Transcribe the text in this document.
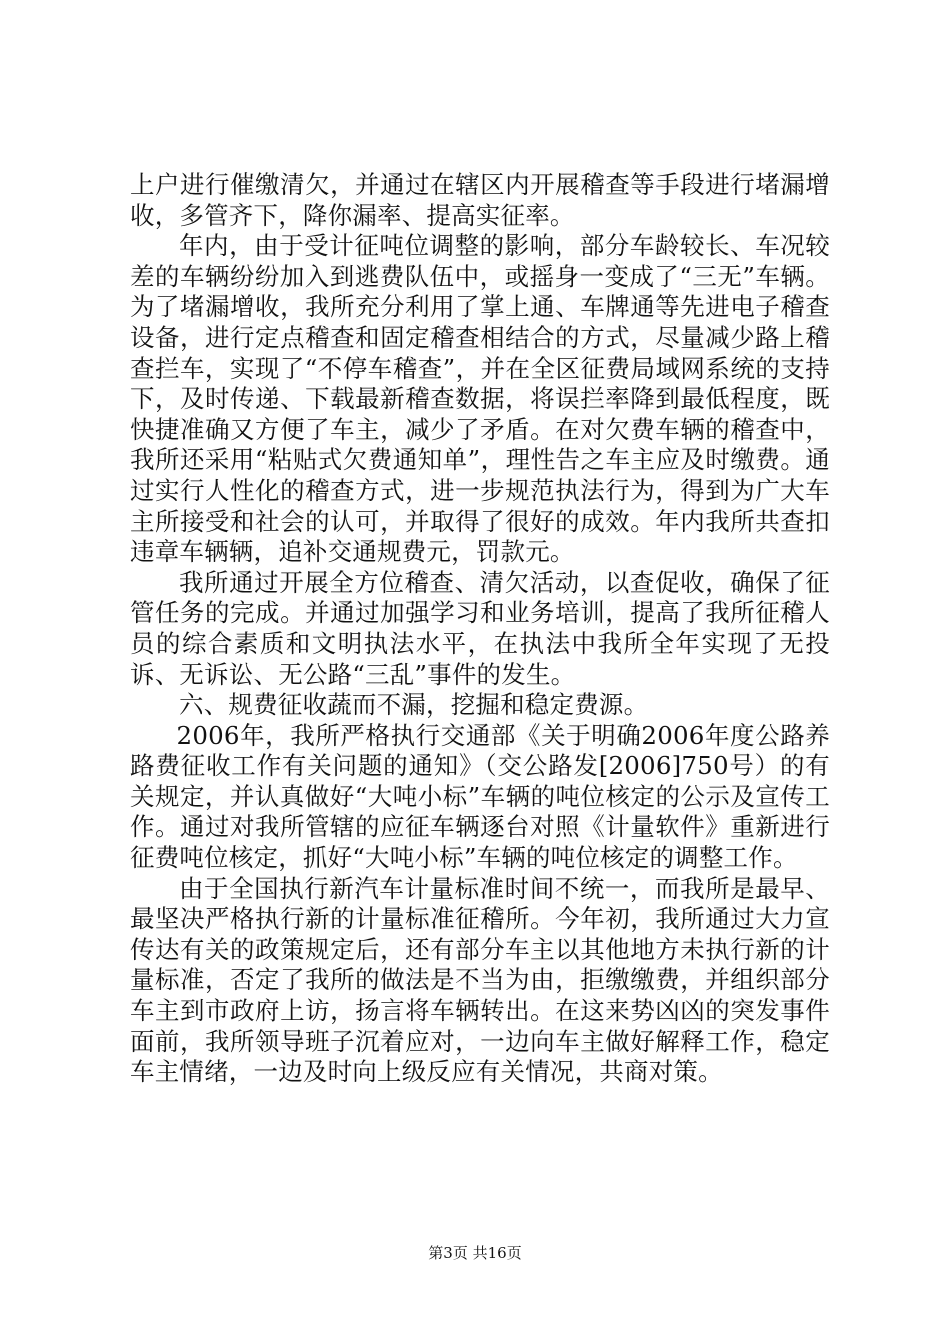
上户进行催缴清欠，并通过在辖区内开展稽查等手段进行堵漏增收，多管齐下，降你漏率、提高实征率。

年内，由于受计征吨位调整的影响，部分车龄较长、车况较差的车辆纷纷加入到逃费队伍中，或摇身一变成了“三无”车辆。为了堵漏增收，我所充分利用了掌上通、车牌通等先进电子稽查设备，进行定点稽查和固定稽查相结合的方式，尽量减少路上稽查拦车，实现了“不停车稽查”，并在全区征费局域网系统的支持下，及时传递、下载最新稽查数据，将误拦率降到最低程度，既快捷准确又方便了车主，减少了矛盾。在对欠费车辆的稽查中，我所还采用“粘贴式欠费通知单”，理性告之车主应及时缴费。通过实行人性化的稽查方式，进一步规范执法行为，得到为广大车主所接受和社会的认可，并取得了很好的成效。年内我所共查扣违章车辆辆，追补交通规费元，罚款元。

我所通过开展全方位稽查、清欠活动，以查促收，确保了征管任务的完成。并通过加强学习和业务培训，提高了我所征稽人员的综合素质和文明执法水平，在执法中我所全年实现了无投诉、无诉讼、无公路“三乱”事件的发生。

六、规费征收蔬而不漏，挖掘和稳定费源。

2006年，我所严格执行交通部《关于明确2006年度公路养路费征收工作有关问题的通知》（交公路发[2006]750号）的有关规定，并认真做好“大吨小标”车辆的吨位核定的公示及宣传工作。通过对我所管辖的应征车辆逐台对照《计量软件》重新进行征费吨位核定，抓好“大吨小标”车辆的吨位核定的调整工作。

由于全国执行新汽车计量标准时间不统一，而我所是最早、最坚决严格执行新的计量标准征稽所。今年初，我所通过大力宣传达有关的政策规定后，还有部分车主以其他地方未执行新的计量标准，否定了我所的做法是不当为由，拒缴缴费，并组织部分车主到市政府上访，扬言将车辆转出。在这来势凶凶的突发事件面前，我所领导班子沉着应对，一边向车主做好解释工作，稳定车主情绪，一边及时向上级反应有关情况，共商对策。

第3页 共16页
